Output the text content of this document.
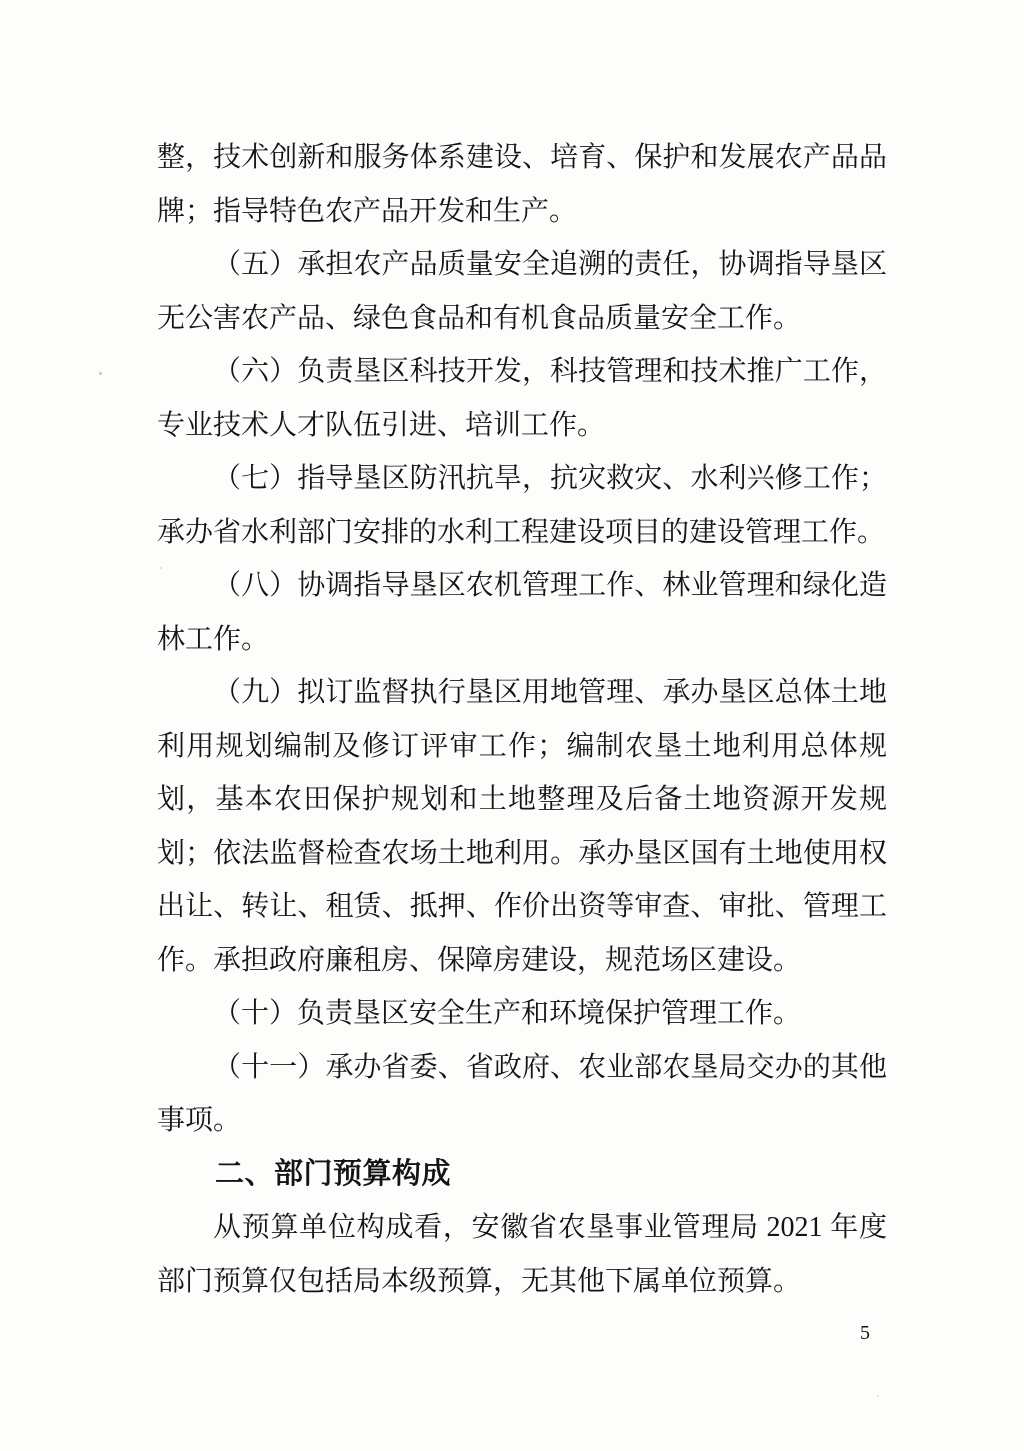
整，技术创新和服务体系建设、培育、保护和发展农产品品
牌；指导特色农产品开发和生产。
（五）承担农产品质量安全追溯的责任，协调指导垦区
无公害农产品、绿色食品和有机食品质量安全工作。
（六）负责垦区科技开发，科技管理和技术推广工作，
专业技术人才队伍引进、培训工作。
（七）指导垦区防汛抗旱，抗灾救灾、水利兴修工作；
承办省水利部门安排的水利工程建设项目的建设管理工作。
（八）协调指导垦区农机管理工作、林业管理和绿化造
林工作。
（九）拟订监督执行垦区用地管理、承办垦区总体土地
利用规划编制及修订评审工作；编制农垦土地利用总体规
划，基本农田保护规划和土地整理及后备土地资源开发规
划；依法监督检查农场土地利用。承办垦区国有土地使用权
出让、转让、租赁、抵押、作价出资等审查、审批、管理工
作。承担政府廉租房、保障房建设，规范场区建设。
（十）负责垦区安全生产和环境保护管理工作。
（十一）承办省委、省政府、农业部农垦局交办的其他
事项。
二、部门预算构成
从预算单位构成看，安徽省农垦事业管理局 2021 年度
部门预算仅包括局本级预算，无其他下属单位预算。
5
